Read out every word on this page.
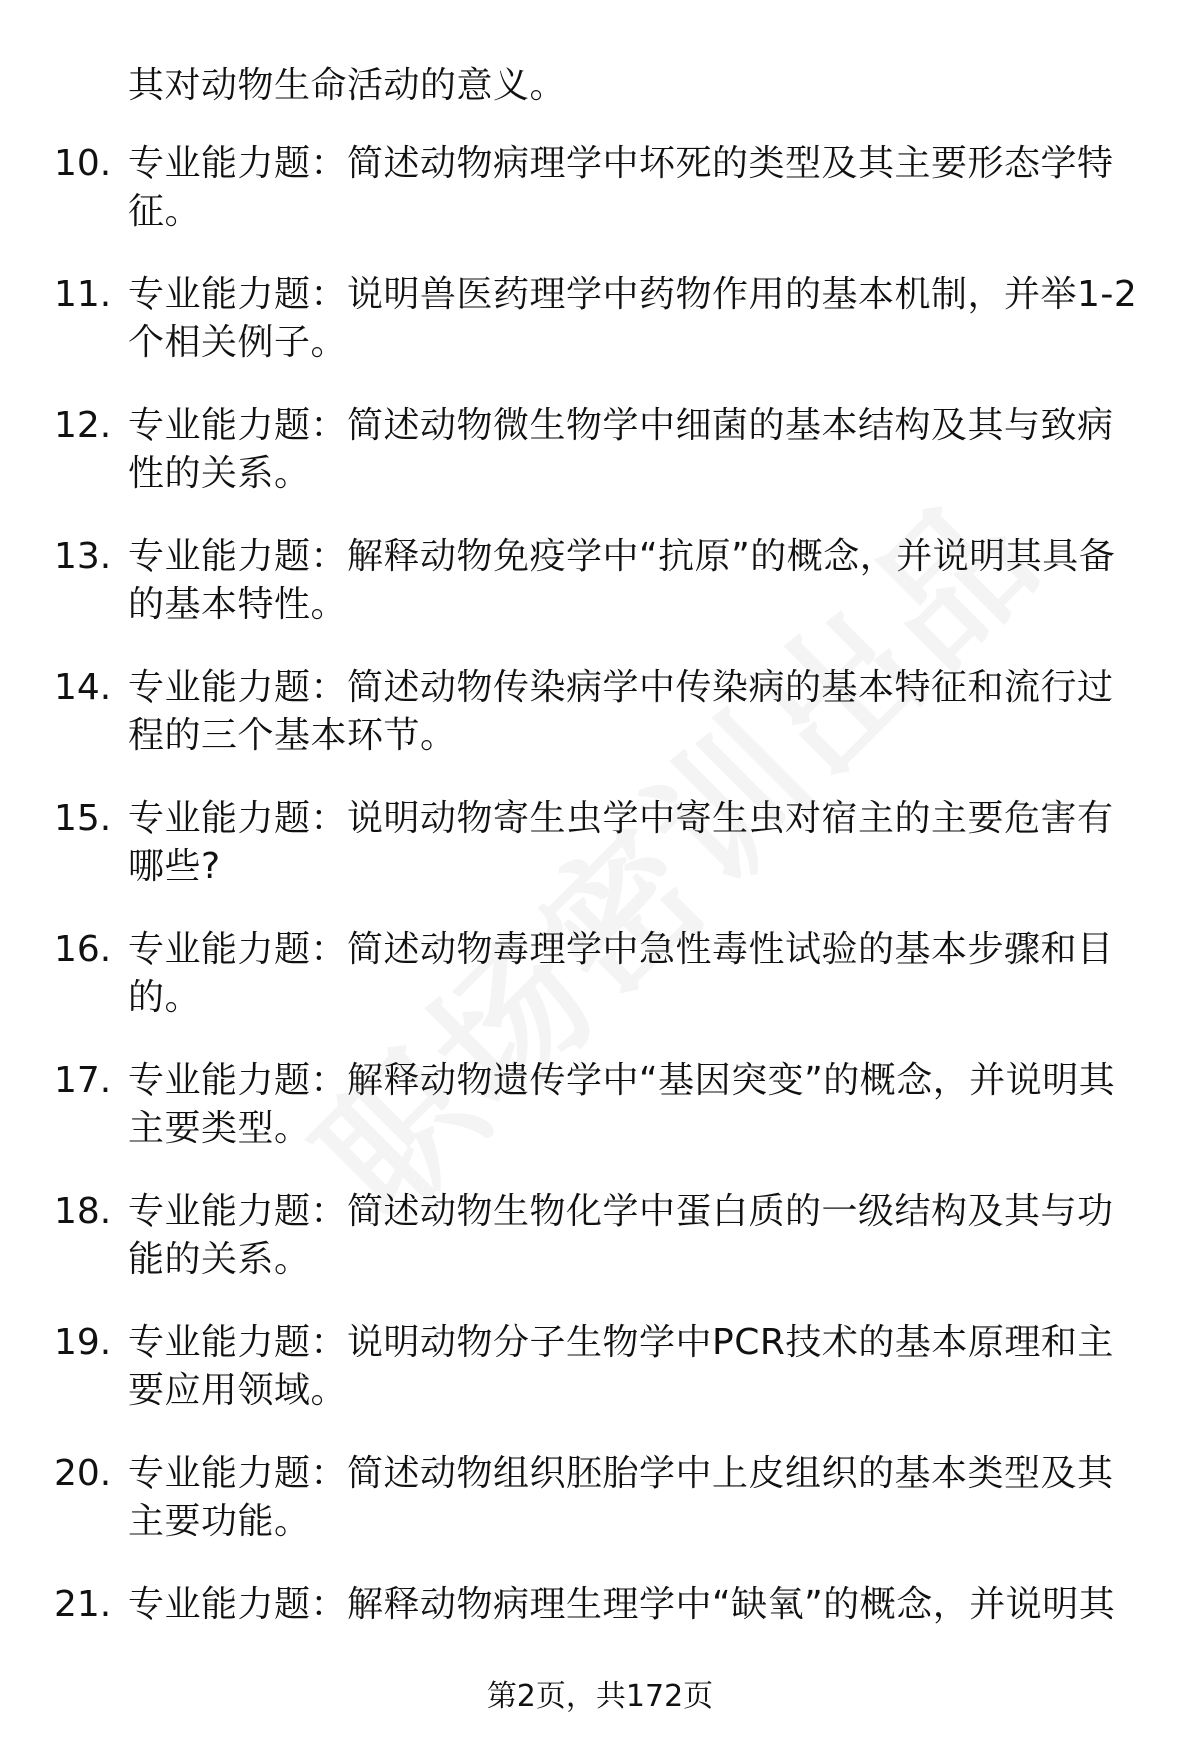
其对动物生命活动的意义。
10. 专业能力题：简述动物病理学中坏死的类型及其主要形态学特征。
11. 专业能力题：说明兽医药理学中药物作用的基本机制，并举1-2个相关例子。
12. 专业能力题：简述动物微生物学中细菌的基本结构及其与致病性的关系。
13. 专业能力题：解释动物免疫学中“抗原”的概念，并说明其具备的基本特性。
14. 专业能力题：简述动物传染病学中传染病的基本特征和流行过程的三个基本环节。
15. 专业能力题：说明动物寄生虫学中寄生虫对宿主的主要危害有哪些?
16. 专业能力题：简述动物毒理学中急性毒性试验的基本步骤和目的。
17. 专业能力题：解释动物遗传学中“基因突变”的概念，并说明其主要类型。
18. 专业能力题：简述动物生物化学中蛋白质的一级结构及其与功能的关系。
19. 专业能力题：说明动物分子生物学中PCR技术的基本原理和主要应用领域。
20. 专业能力题：简述动物组织胚胎学中上皮组织的基本类型及其主要功能。
21. 专业能力题：解释动物病理生理学中“缺氧”的概念，并说明其
第2页，共172页
